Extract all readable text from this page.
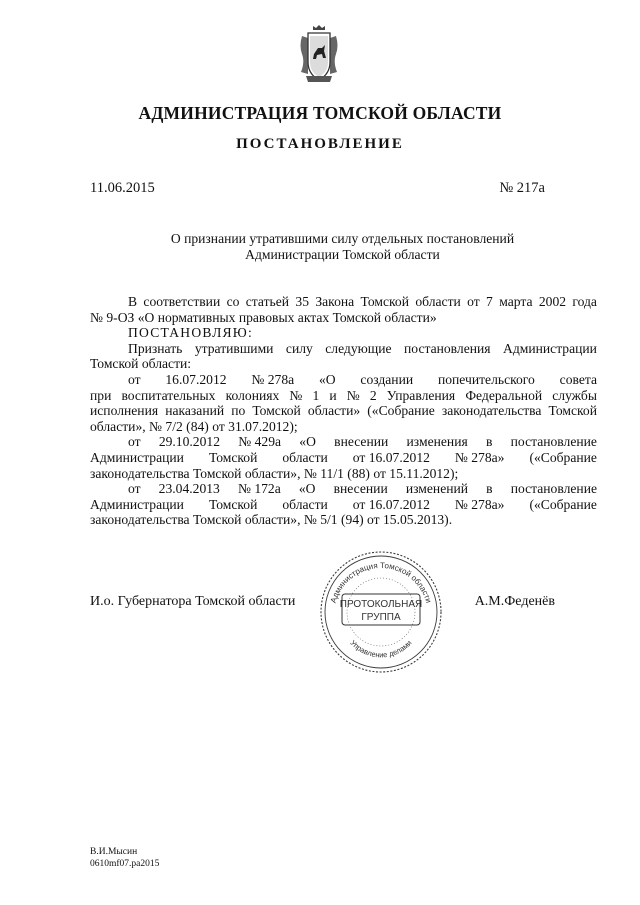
АДМИНИСТРАЦИЯ ТОМСКОЙ ОБЛАСТИ
ПОСТАНОВЛЕНИЕ
11.06.2015	№ 217а
О признании утратившими силу отдельных постановлений
Администрации Томской области
В соответствии со статьей 35 Закона Томской области от 7 марта 2002 года
№ 9-ОЗ «О нормативных правовых актах Томской области»
ПОСТАНОВЛЯЮ:
Признать утратившими силу следующие постановления Администрации
Томской области:
от 16.07.2012 № 278а «О создании попечительского совета
при воспитательных колониях № 1 и № 2 Управления Федеральной службы
исполнения наказаний по Томской области» («Собрание законодательства Томской
области», № 7/2 (84) от 31.07.2012);
от 29.10.2012 № 429а «О внесении изменения в постановление
Администрации Томской области от 16.07.2012 № 278а» («Собрание
законодательства Томской области», № 11/1 (88) от 15.11.2012);
от 23.04.2013 № 172а «О внесении изменений в постановление
Администрации Томской области от 16.07.2012 № 278а» («Собрание
законодательства Томской области», № 5/1 (94) от 15.05.2013).
И.о. Губернатора Томской области	А.М.Феденёв
Администрация Томской области
Управление делами
ПРОТОКОЛЬНАЯ
ГРУППА
В.И.Мысин
0610mf07.ра2015
